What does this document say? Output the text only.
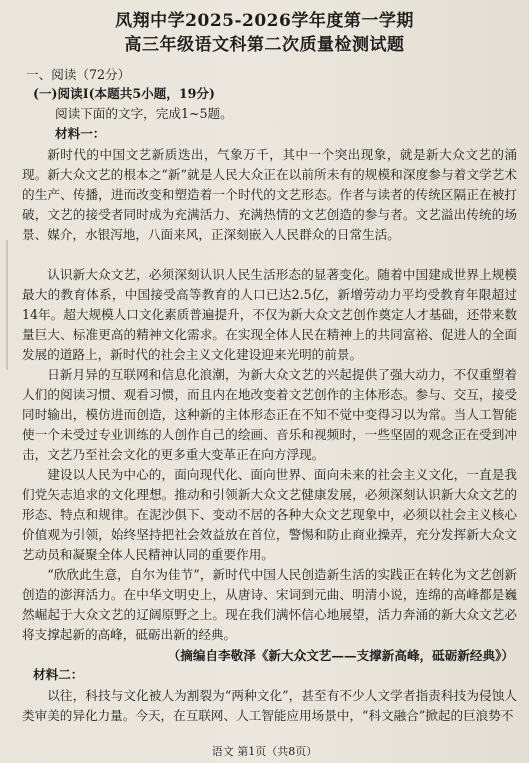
凤翔中学2025-2026学年度第一学期
高三年级语文科第二次质量检测试题
一、阅读（72分）
(一)阅读I(本题共5小题，19分)
阅读下面的文字，完成1~5题。
材料一：
新时代的中国文艺新质迭出，气象万千，其中一个突出现象，就是新大众文艺的涌现。 新大众文艺的根本之“新”就是人民大众正在以前所未有的规模和深度参与着文学艺术的生产、传播，进而改变和塑造着一个时代的文艺形态。作者与读者的传统区隔正在被打破，文艺的接受者同时成为充满活力、充满热情的文艺创造的参与者。文艺溢出传统的场景、媒介，水银泻地，八面来风，正深刻嵌入人民群众的日常生活。
认识新大众文艺，必须深刻认识人民生活形态的显著变化。随着中国建成世界上规模最大的教育体系，中国接受高等教育的人口已达2.5亿，新增劳动力平均受教育年限超过14年。超大规模人口文化素质普遍提升，不仅为新大众文艺创作奠定人才基础，还带来数量巨大、标准更高的精神文化需求。在实现全体人民在精神上的共同富裕、促进人的全面发展的道路上，新时代的社会主义文化建设迎来光明的前景。
日新月异的互联网和信息化浪潮，为新大众文艺的兴起提供了强大动力，不仅重塑着人们的阅读习惯、观看习惯，而且内在地改变着文艺创作的主体形态。参与、交互，接受同时输出，模仿进而创造，这种新的主体形态正在不知不觉中变得习以为常。当人工智能使一个未受过专业训练的人创作自己的绘画、音乐和视频时，一些坚固的观念正在受到冲击，文艺乃至社会文化的更多重大变革正在向方浮现。
建设以人民为中心的，面向现代化、面向世界、面向未来的社会主义文化，一直是我们党矢志追求的文化理想。推动和引领新大众文艺健康发展，必须深刻认识新大众文艺的形态、特点和规律。在泥沙俱下、变动不居的各种大众文艺现象中，必须以社会主义核心价值观为引领，始终坚持把社会效益放在首位，警惕和防止商业操弄，充分发挥新大众文艺动员和凝聚全体人民精神认同的重要作用。
“欣欣此生意，自尔为佳节”，新时代中国人民创造新生活的实践正在转化为文艺创新创造的澎湃活力。在中华文明史上，从唐诗、宋词到元曲、明清小说，连绵的高峰都是巍然崛起于大众文艺的辽阔原野之上。现在我们满怀信心地展望，活力奔涌的新大众文艺必将支撑起新的高峰，砥砺出新的经典。
（摘编自李敬泽《新大众文艺——支撑新高峰，砥砺新经典》）
材料二：
以往，科技与文化被人为割裂为“两种文化”，甚至有不少人文学者指责科技为侵蚀人类审美的异化力量。今天，在互联网、人工智能应用场景中，“科文融合”掀起的巨浪势不
语文 第1页（共8页）
